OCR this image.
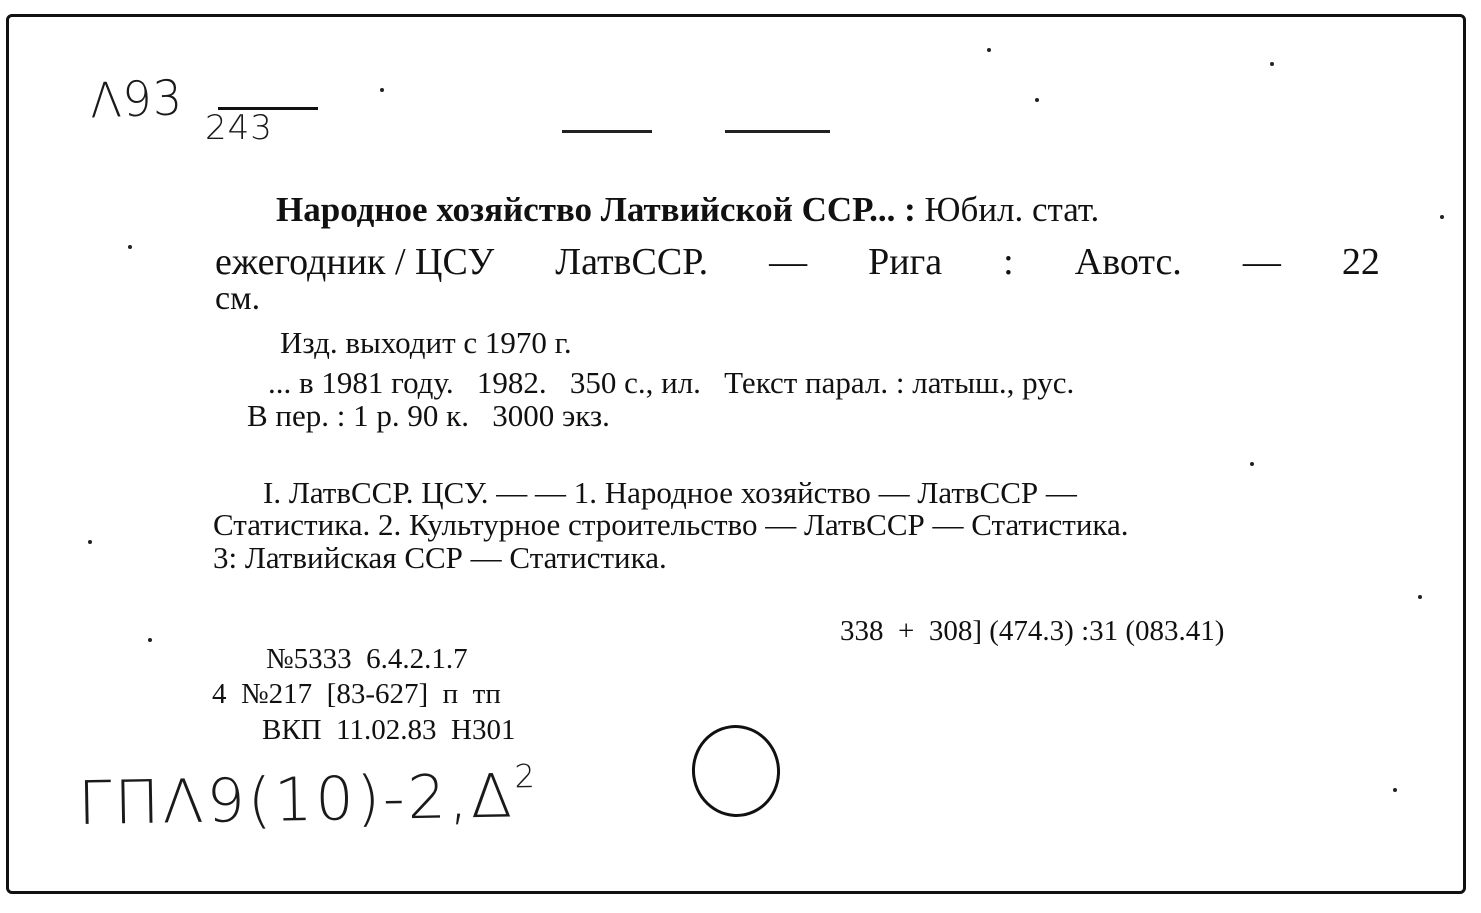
Λ93 243
Народное хозяйство Латвийской ССР... : Юбил. стат.
ежегодник / ЦСУ ЛатвССР. — Рига : Авотс. — 22
см.
Изд. выходит с 1970 г.
... в 1981 году.   1982.   350 с., ил.   Текст парал. : латыш., рус.
В пер. : 1 р. 90 к.   3000 экз.
I. ЛатвССР. ЦСУ. — — 1. Народное хозяйство — ЛатвССР —
Статистика. 2. Культурное строительство — ЛатвССР — Статистика.
3: Латвийская ССР — Статистика.
338  +  308] (474.3) :31 (083.41)
№5333  6.4.2.1.7
4  №217  [83-627]  п  тп
ВКП  11.02.83  Н301
$ГП\Lambda 9(10)-2,\Delta^2$
